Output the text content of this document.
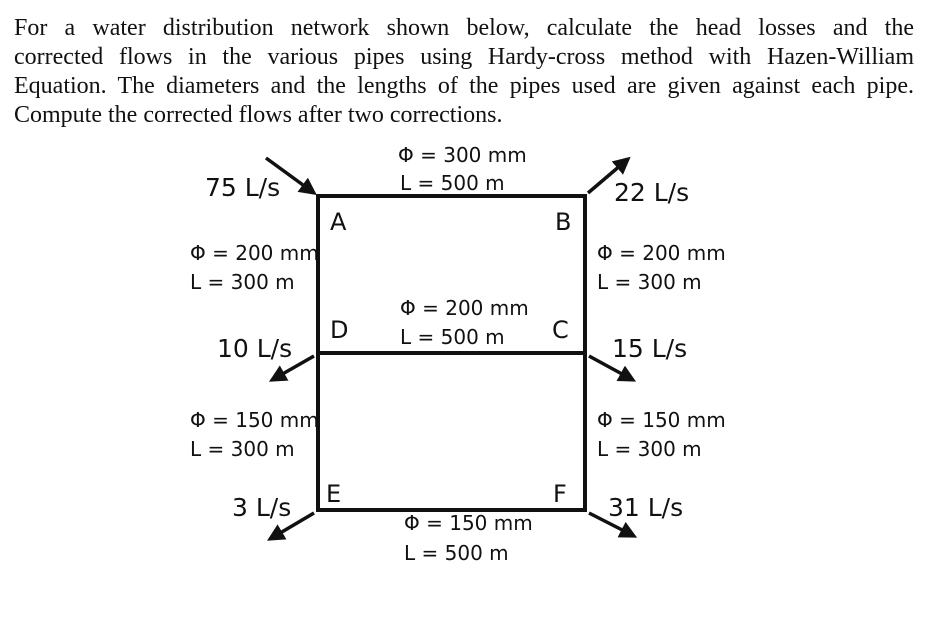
For a water distribution network shown below, calculate the head losses and the
corrected flows in the various pipes using Hardy-cross method with Hazen-William
Equation. The diameters and the lengths of the pipes used are given against each pipe.
Compute the corrected flows after two corrections.
A	B
D	C
E	F
75 L/s	22 L/s
10 L/s	15 L/s
3 L/s	31 L/s
Φ = 300 mm
L = 500 m
Φ = 200 mm
L = 300 m
Φ = 200 mm
L = 300 m
Φ = 200 mm
L = 500 m
Φ = 150 mm
L = 300 m
Φ = 150 mm
L = 300 m
Φ = 150 mm
L = 500 m
